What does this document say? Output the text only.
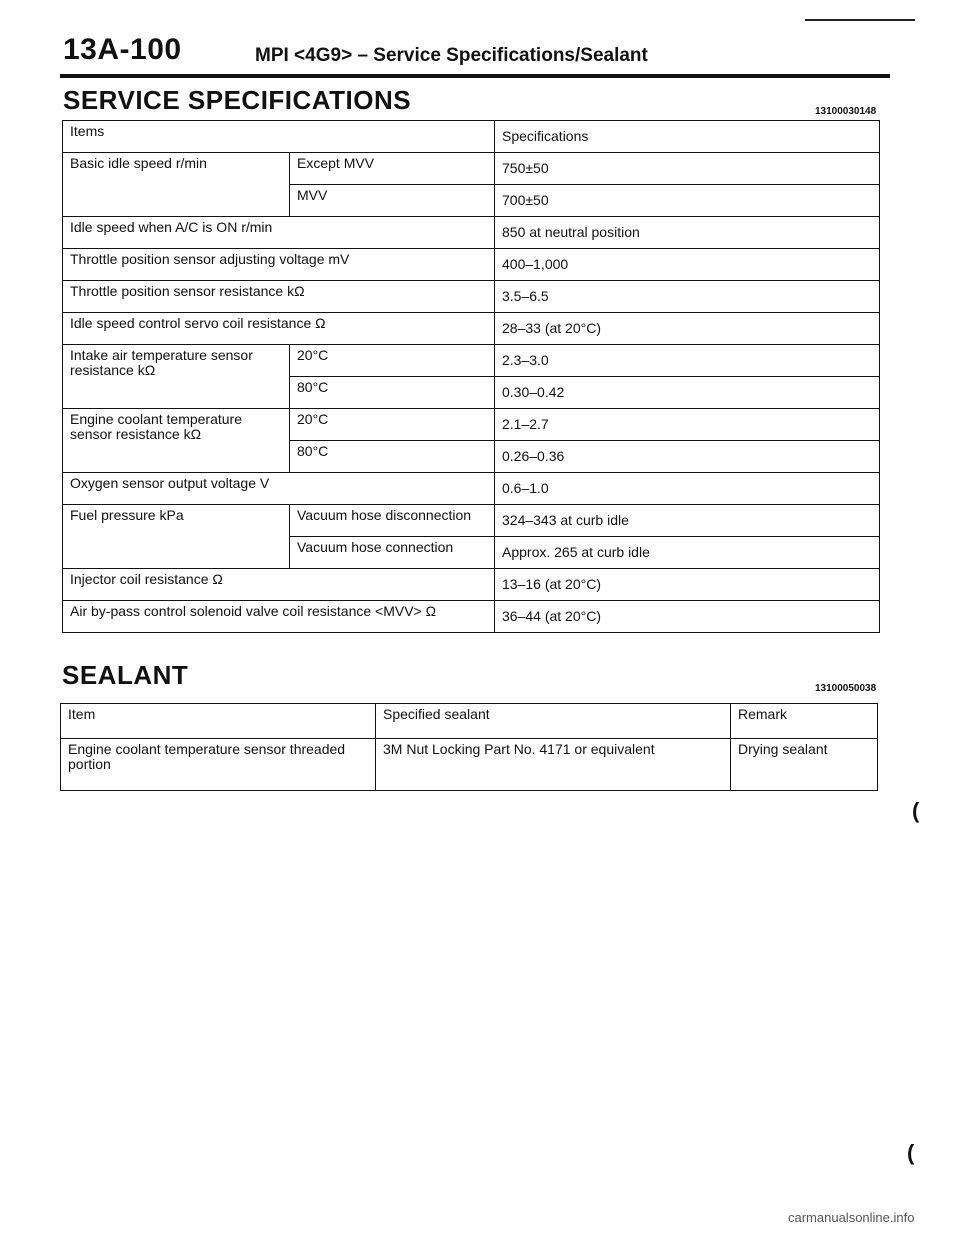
13A-100	MPI <4G9> – Service Specifications/Sealant
SERVICE SPECIFICATIONS	13100030148
Items		Specifications
Basic idle speed r/min	Except MVV	750±50
	MVV	700±50
Idle speed when A/C is ON r/min		850 at neutral position
Throttle position sensor adjusting voltage mV		400–1,000
Throttle position sensor resistance kΩ		3.5–6.5
Idle speed control servo coil resistance Ω		28–33 (at 20°C)
Intake air temperature sensor resistance kΩ	20°C	2.3–3.0
	80°C	0.30–0.42
Engine coolant temperature sensor resistance kΩ	20°C	2.1–2.7
	80°C	0.26–0.36
Oxygen sensor output voltage V		0.6–1.0
Fuel pressure kPa	Vacuum hose disconnection	324–343 at curb idle
	Vacuum hose connection	Approx. 265 at curb idle
Injector coil resistance Ω		13–16 (at 20°C)
Air by-pass control solenoid valve coil resistance <MVV> Ω		36–44 (at 20°C)
SEALANT	13100050038
Item	Specified sealant	Remark
Engine coolant temperature sensor threaded portion	3M Nut Locking Part No. 4171 or equivalent	Drying sealant
(
(
carmanualsonline.info
